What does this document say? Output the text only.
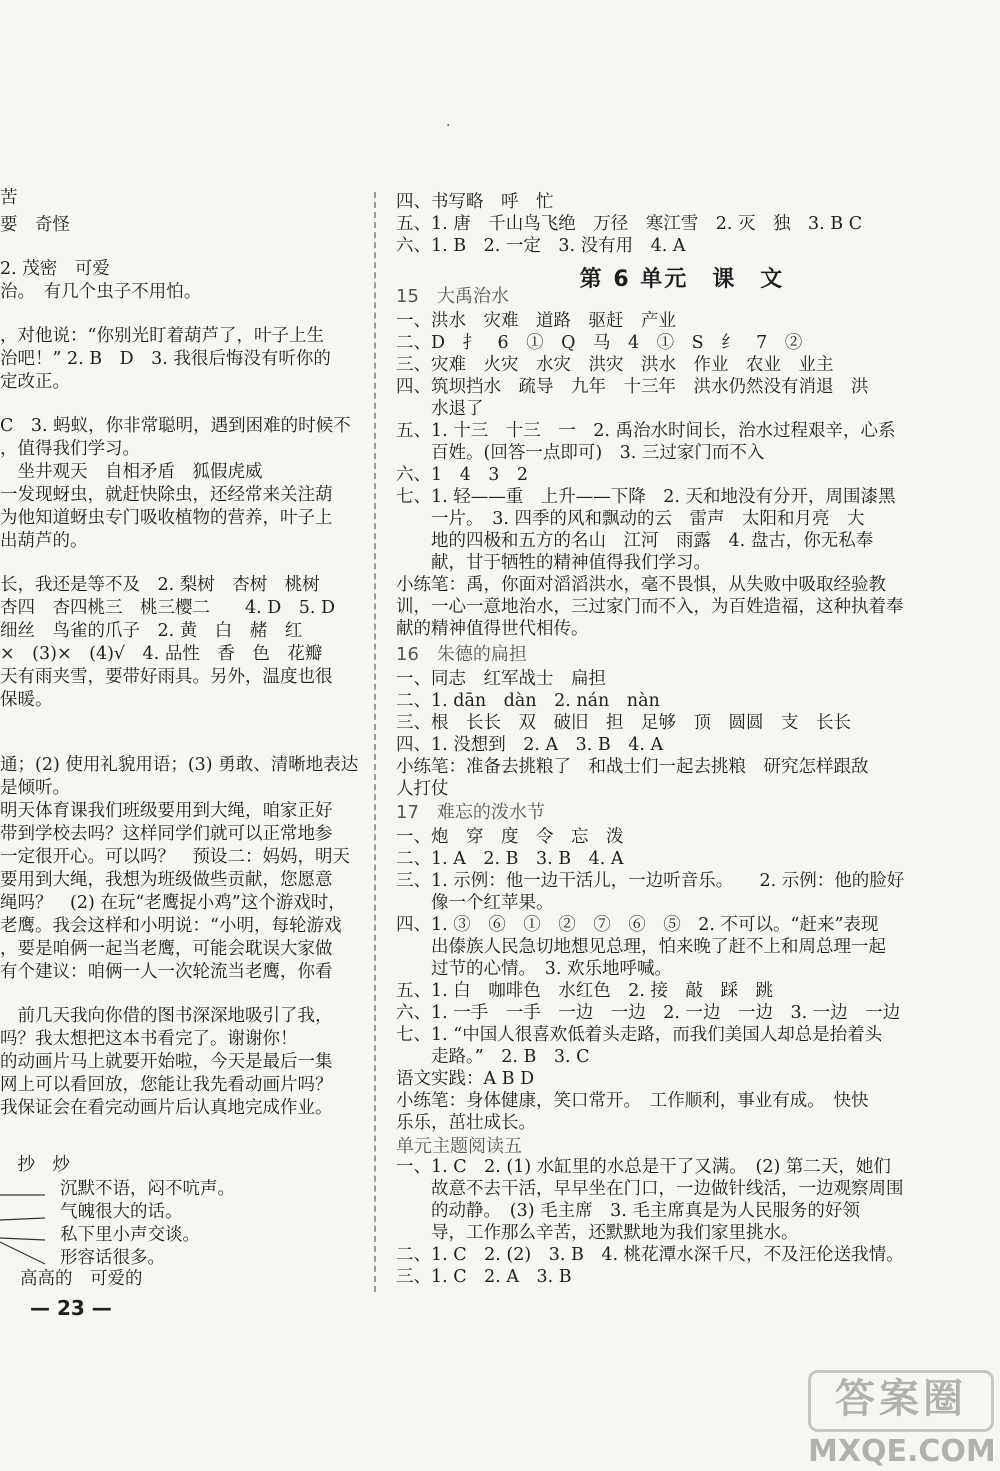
·
苦
要　奇怪
2. 茂密　可爱
治。　有几个虫子不用怕。
，对他说：“你别光盯着葫芦了，叶子上生
治吧！” 2. B　D　3. 我很后悔没有听你的
定改正。
C　3. 蚂蚁，你非常聪明，遇到困难的时候不
，值得我们学习。
　坐井观天　自相矛盾　狐假虎威
一发现蚜虫，就赶快除虫，还经常来关注葫
为他知道蚜虫专门吸收植物的营养，叶子上
出葫芦的。
长，我还是等不及　2. 梨树　杏树　桃树
杏四　杏四桃三　桃三樱二　　4. D　5. D
细丝　鸟雀的爪子　2. 黄　白　赭　红
×　(3)×　(4)√　4. 品性　香　色　花瓣
天有雨夹雪，要带好雨具。另外，温度也很
保暖。
通；(2) 使用礼貌用语；(3) 勇敢、清晰地表达
是倾听。
明天体育课我们班级要用到大绳，咱家正好
带到学校去吗？这样同学们就可以正常地参
一定很开心。可以吗？　预设二：妈妈，明天
要用到大绳，我想为班级做些贡献，您愿意
绳吗？　(2) 在玩“老鹰捉小鸡”这个游戏时，
老鹰。我会这样和小明说：“小明，每轮游戏
，要是咱俩一起当老鹰，可能会耽误大家做
有个建议：咱俩一人一次轮流当老鹰，你看
　前几天我向你借的图书深深地吸引了我，
吗？我太想把这本书看完了。谢谢你！
的动画片马上就要开始啦，今天是最后一集
网上可以看回放，您能让我先看动画片吗？
我保证会在看完动画片后认真地完成作业。
　抄　炒
沉默不语，闷不吭声。
气魄很大的话。
私下里小声交谈。
形容话很多。
高高的　可爱的
第 6 单元　课　文
四、书写略　呼　忙
五、1. 唐　千山鸟飞绝　万径　寒江雪　2. 灭　独　3. B C
六、1. B　2. 一定　3. 没有用　4. A
15　大禹治水
一、洪水　灾难　道路　驱赶　产业
二、D　扌　6　①　Q　马　4　①　S　纟　7　②
三、灾难　火灾　水灾　洪灾　洪水　作业　农业　业主
四、筑坝挡水　疏导　九年　十三年　洪水仍然没有消退　洪
　　水退了
五、1. 十三　十三　一　2. 禹治水时间长，治水过程艰辛，心系
　　百姓。(回答一点即可)　3. 三过家门而不入
六、1　4　3　2
七、1. 轻——重　上升——下降　2. 天和地没有分开，周围漆黑
　　一片。　3. 四季的风和飘动的云　雷声　太阳和月亮　大
　　地的四极和五方的名山　江河　雨露　4. 盘古，你无私奉
　　献，甘于牺牲的精神值得我们学习。
小练笔：禹，你面对滔滔洪水，毫不畏惧，从失败中吸取经验教
训，一心一意地治水，三过家门而不入，为百姓造福，这种执着奉
献的精神值得世代相传。
16　朱德的扁担
一、同志　红军战士　扁担
二、1. dān　dàn　2. nán　nàn
三、根　长长　双　破旧　担　足够　顶　圆圆　支　长长
四、1. 没想到　2. A　3. B　4. A
小练笔：准备去挑粮了　和战士们一起去挑粮　研究怎样跟敌
人打仗
17　难忘的泼水节
一、炮　穿　度　令　忘　泼
二、1. A　2. B　3. B　4. A
三、1. 示例：他一边干活儿，一边听音乐。　　2. 示例：他的脸好
　　像一个红苹果。
四、1. ③　⑥　①　②　⑦　⑥　⑤　2. 不可以。“赶来”表现
　　出傣族人民急切地想见总理，怕来晚了赶不上和周总理一起
　　过节的心情。　3. 欢乐地呼喊。
五、1. 白　咖啡色　水红色　2. 接　敲　踩　跳
六、1. 一手　一手　一边　一边　2. 一边　一边　3. 一边　一边
七、1. “中国人很喜欢低着头走路，而我们美国人却总是抬着头
　　走路。”　2. B　3. C
语文实践：A B D
小练笔：身体健康，笑口常开。　工作顺利，事业有成。　快快
乐乐，茁壮成长。
单元主题阅读五
一、1. C　2. (1) 水缸里的水总是干了又满。　(2) 第二天，她们
　　故意不去干活，早早坐在门口，一边做针线活，一边观察周围
　　的动静。　(3) 毛主席　3. 毛主席真是为人民服务的好领
　　导，工作那么辛苦，还默默地为我们家里挑水。
二、1. C　2. (2)　3. B　4. 桃花潭水深千尺，不及汪伦送我情。
三、1. C　2. A　3. B
— 23 —
答案圈
MXQE.COM
